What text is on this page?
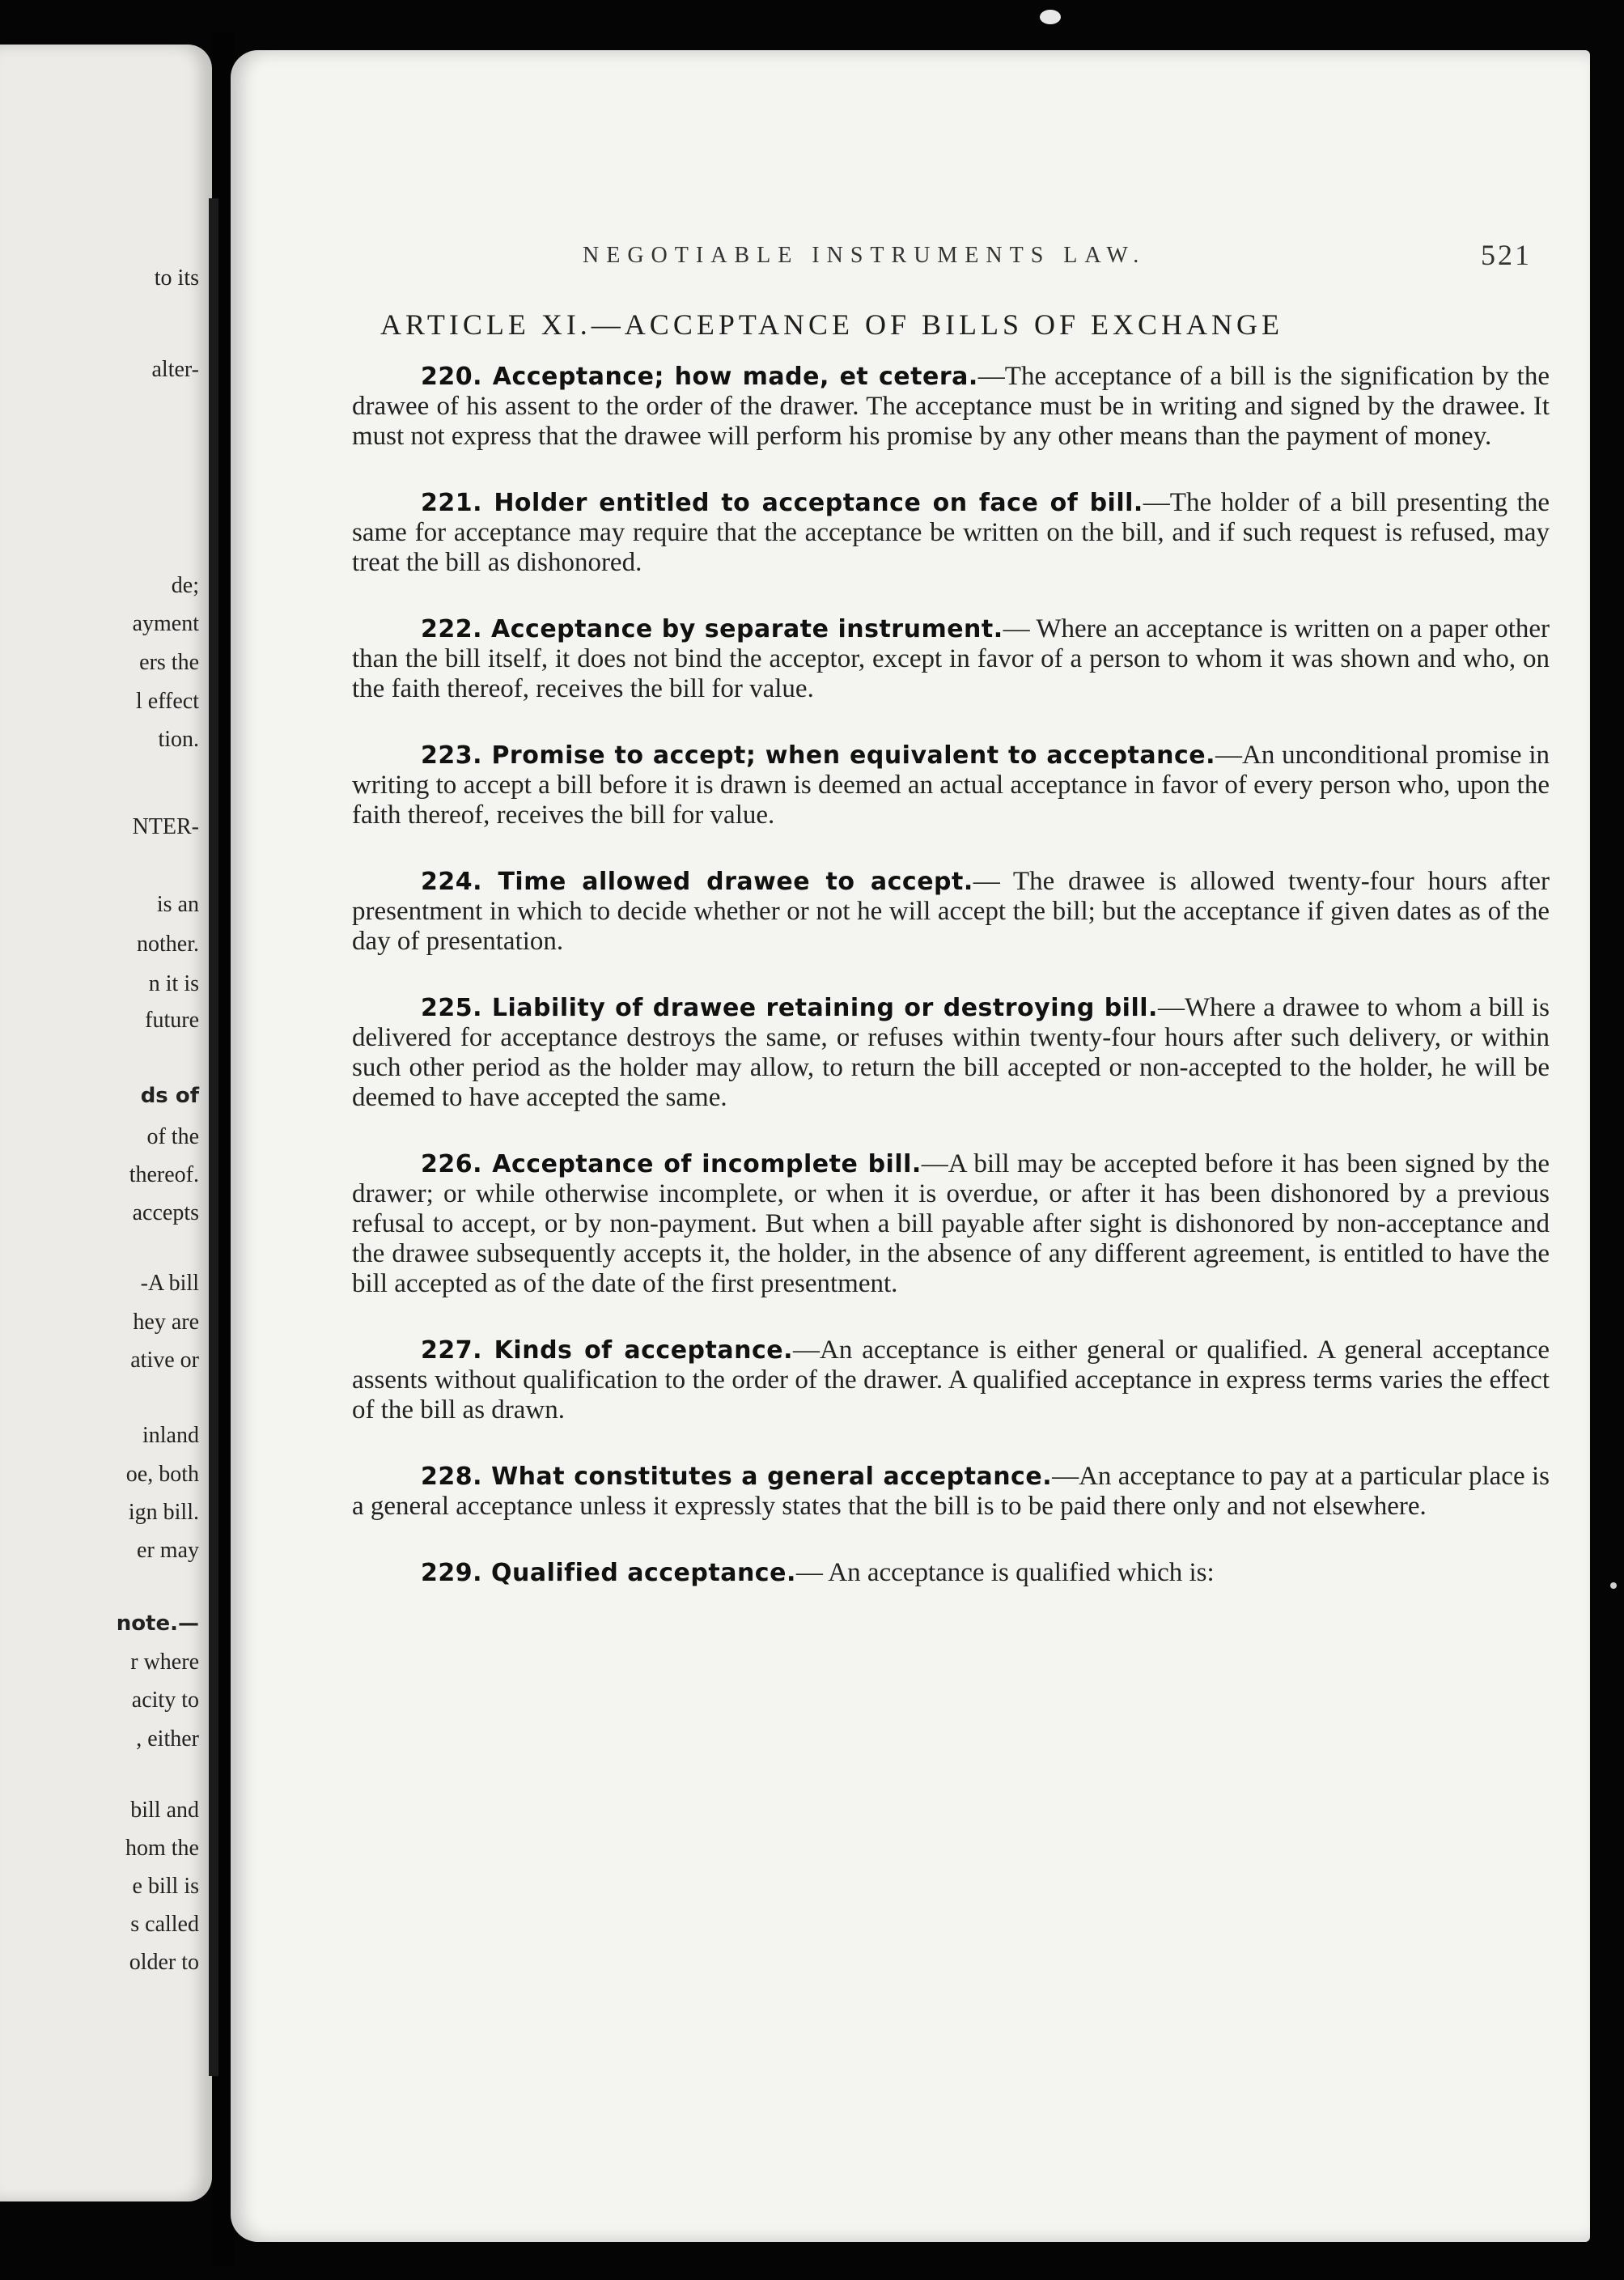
to its
alter-
de;
ayment
ers the
l effect
tion.
NTER-
is an
nother.
n it is
future
ds of
of the
thereof.
accepts
-A bill
hey are
ative or
inland
oe, both
ign bill.
er may
note.—
r where
acity to
, either
bill and
hom the
e bill is
s called
older to
NEGOTIABLE INSTRUMENTS LAW.	521
ARTICLE XI.—ACCEPTANCE OF BILLS OF EXCHANGE
220. Acceptance; how made, et cetera.—The acceptance of a bill is the signification by the drawee of his assent to the order of the drawer. The acceptance must be in writing and signed by the drawee. It must not express that the drawee will perform his promise by any other means than the payment of money.
221. Holder entitled to acceptance on face of bill.—The holder of a bill presenting the same for acceptance may require that the acceptance be written on the bill, and if such request is refused, may treat the bill as dishonored.
222. Acceptance by separate instrument.— Where an acceptance is written on a paper other than the bill itself, it does not bind the acceptor, except in favor of a person to whom it was shown and who, on the faith thereof, receives the bill for value.
223. Promise to accept; when equivalent to acceptance.—An unconditional promise in writing to accept a bill before it is drawn is deemed an actual acceptance in favor of every person who, upon the faith thereof, receives the bill for value.
224. Time allowed drawee to accept.— The drawee is allowed twenty-four hours after presentment in which to decide whether or not he will accept the bill; but the acceptance if given dates as of the day of presentation.
225. Liability of drawee retaining or destroying bill.—Where a drawee to whom a bill is delivered for acceptance destroys the same, or refuses within twenty-four hours after such delivery, or within such other period as the holder may allow, to return the bill accepted or non-accepted to the holder, he will be deemed to have accepted the same.
226. Acceptance of incomplete bill.—A bill may be accepted before it has been signed by the drawer; or while otherwise incomplete, or when it is overdue, or after it has been dishonored by a previous refusal to accept, or by non-payment. But when a bill payable after sight is dishonored by non-acceptance and the drawee subsequently accepts it, the holder, in the absence of any different agreement, is entitled to have the bill accepted as of the date of the first presentment.
227. Kinds of acceptance.—An acceptance is either general or qualified. A general acceptance assents without qualification to the order of the drawer. A qualified acceptance in express terms varies the effect of the bill as drawn.
228. What constitutes a general acceptance.—An acceptance to pay at a particular place is a general acceptance unless it expressly states that the bill is to be paid there only and not elsewhere.
229. Qualified acceptance.— An acceptance is qualified which is:
